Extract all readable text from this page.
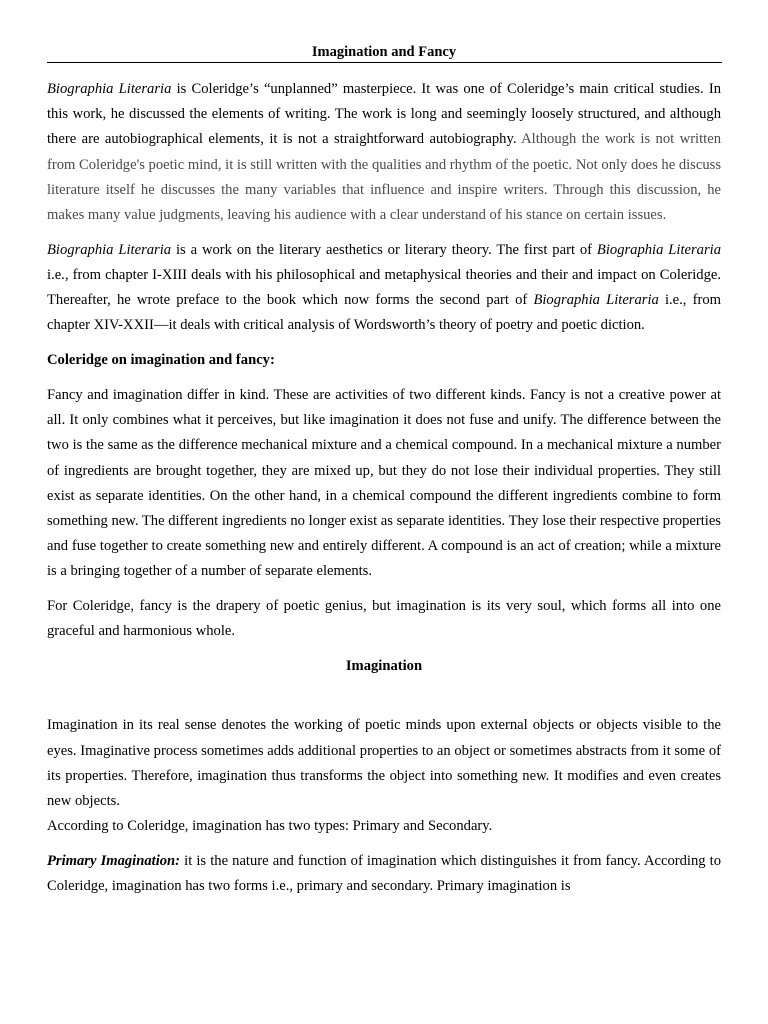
Imagination and Fancy

Biographia Literaria is Coleridge’s “unplanned” masterpiece. It was one of Coleridge’s main critical studies. In this work, he discussed the elements of writing. The work is long and seemingly loosely structured, and although there are autobiographical elements, it is not a straightforward autobiography. Although the work is not written from Coleridge's poetic mind, it is still written with the qualities and rhythm of the poetic. Not only does he discuss literature itself he discusses the many variables that influence and inspire writers. Through this discussion, he makes many value judgments, leaving his audience with a clear understand of his stance on certain issues.

Biographia Literaria is a work on the literary aesthetics or literary theory. The first part of Biographia Literaria i.e., from chapter I-XIII deals with his philosophical and metaphysical theories and their and impact on Coleridge. Thereafter, he wrote preface to the book which now forms the second part of Biographia Literaria i.e., from chapter XIV-XXII—it deals with critical analysis of Wordsworth’s theory of poetry and poetic diction.

Coleridge on imagination and fancy:

Fancy and imagination differ in kind. These are activities of two different kinds. Fancy is not a creative power at all. It only combines what it perceives, but like imagination it does not fuse and unify. The difference between the two is the same as the difference mechanical mixture and a chemical compound. In a mechanical mixture a number of ingredients are brought together, they are mixed up, but they do not lose their individual properties. They still exist as separate identities. On the other hand, in a chemical compound the different ingredients combine to form something new. The different ingredients no longer exist as separate identities. They lose their respective properties and fuse together to create something new and entirely different. A compound is an act of creation; while a mixture is a bringing together of a number of separate elements.

For Coleridge, fancy is the drapery of poetic genius, but imagination is its very soul, which forms all into one graceful and harmonious whole.

Imagination

Imagination in its real sense denotes the working of poetic minds upon external objects or objects visible to the eyes. Imaginative process sometimes adds additional properties to an object or sometimes abstracts from it some of its properties. Therefore, imagination thus transforms the object into something new. It modifies and even creates new objects.

According to Coleridge, imagination has two types: Primary and Secondary.

Primary Imagination: it is the nature and function of imagination which distinguishes it from fancy. According to Coleridge, imagination has two forms i.e., primary and secondary. Primary imagination is
